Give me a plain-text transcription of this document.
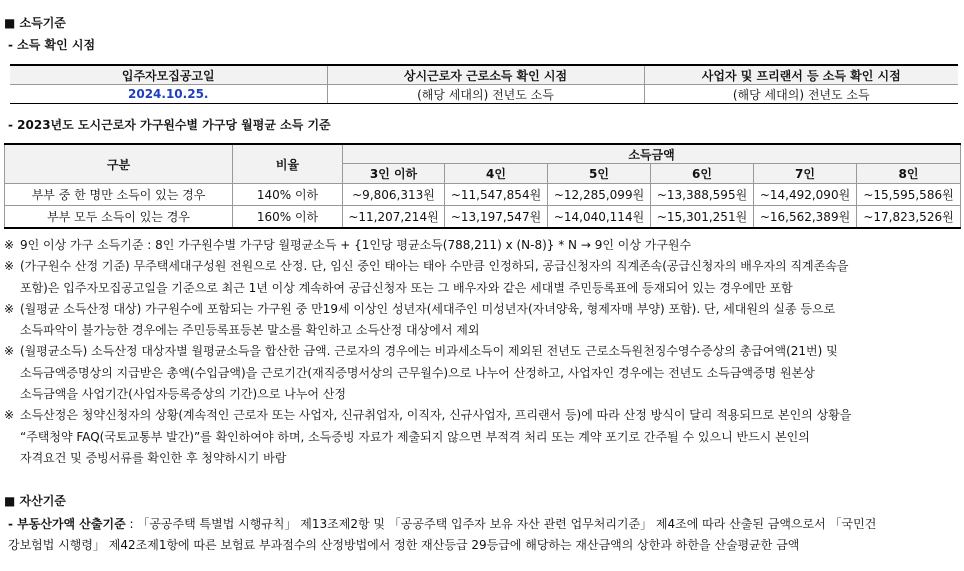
■ 소득기준
- 소득 확인 시점
입주자모집공고일	상시근로자 근로소득 확인 시점	사업자 및 프리랜서 등 소득 확인 시점
2024.10.25.	(해당 세대의) 전년도 소득	(해당 세대의) 전년도 소득
- 2023년도 도시근로자 가구원수별 가구당 월평균 소득 기준
구분	비율	소득금액					
		3인 이하	4인	5인	6인	7인	8인
부부 중 한 명만 소득이 있는 경우	140% 이하	~9,806,313원	~11,547,854원	~12,285,099원	~13,388,595원	~14,492,090원	~15,595,586원
부부 모두 소득이 있는 경우	160% 이하	~11,207,214원	~13,197,547원	~14,040,114원	~15,301,251원	~16,562,389원	~17,823,526원
※ 9인 이상 가구 소득기준 : 8인 가구원수별 가구당 월평균소득 + {1인당 평균소득(788,211) x (N-8)} * N → 9인 이상 가구원수
※ (가구원수 산정 기준) 무주택세대구성원 전원으로 산정. 단, 임신 중인 태아는 태아 수만큼 인정하되, 공급신청자의 직계존속(공급신청자의 배우자의 직계존속을
포함)은 입주자모집공고일을 기준으로 최근 1년 이상 계속하여 공급신청자 또는 그 배우자와 같은 세대별 주민등록표에 등재되어 있는 경우에만 포함
※ (월평균 소득산정 대상) 가구원수에 포함되는 가구원 중 만19세 이상인 성년자(세대주인 미성년자(자녀양육, 형제자매 부양) 포함). 단, 세대원의 실종 등으로
소득파악이 불가능한 경우에는 주민등록표등본 말소를 확인하고 소득산정 대상에서 제외
※ (월평균소득) 소득산정 대상자별 월평균소득을 합산한 금액. 근로자의 경우에는 비과세소득이 제외된 전년도 근로소득원천징수영수증상의 총급여액(21번) 및
소득금액증명상의 지급받은 총액(수입금액)을 근로기간(재직증명서상의 근무월수)으로 나누어 산정하고, 사업자인 경우에는 전년도 소득금액증명 원본상
소득금액을 사업기간(사업자등록증상의 기간)으로 나누어 산정
※ 소득산정은 청약신청자의 상황(계속적인 근로자 또는 사업자, 신규취업자, 이직자, 신규사업자, 프리랜서 등)에 따라 산정 방식이 달리 적용되므로 본인의 상황을
“주택청약 FAQ(국토교통부 발간)”를 확인하여야 하며, 소득증빙 자료가 제출되지 않으면 부적격 처리 또는 계약 포기로 간주될 수 있으니 반드시 본인의
자격요건 및 증빙서류를 확인한 후 청약하시기 바람
■ 자산기준
- 부동산가액 산출기준 : 「공공주택 특별법 시행규칙」 제13조제2항 및 「공공주택 입주자 보유 자산 관련 업무처리기준」 제4조에 따라 산출된 금액으로서 「국민건
강보험법 시행령」 제42조제1항에 따른 보험료 부과점수의 산정방법에서 정한 재산등급 29등급에 해당하는 재산금액의 상한과 하한을 산술평균한 금액
